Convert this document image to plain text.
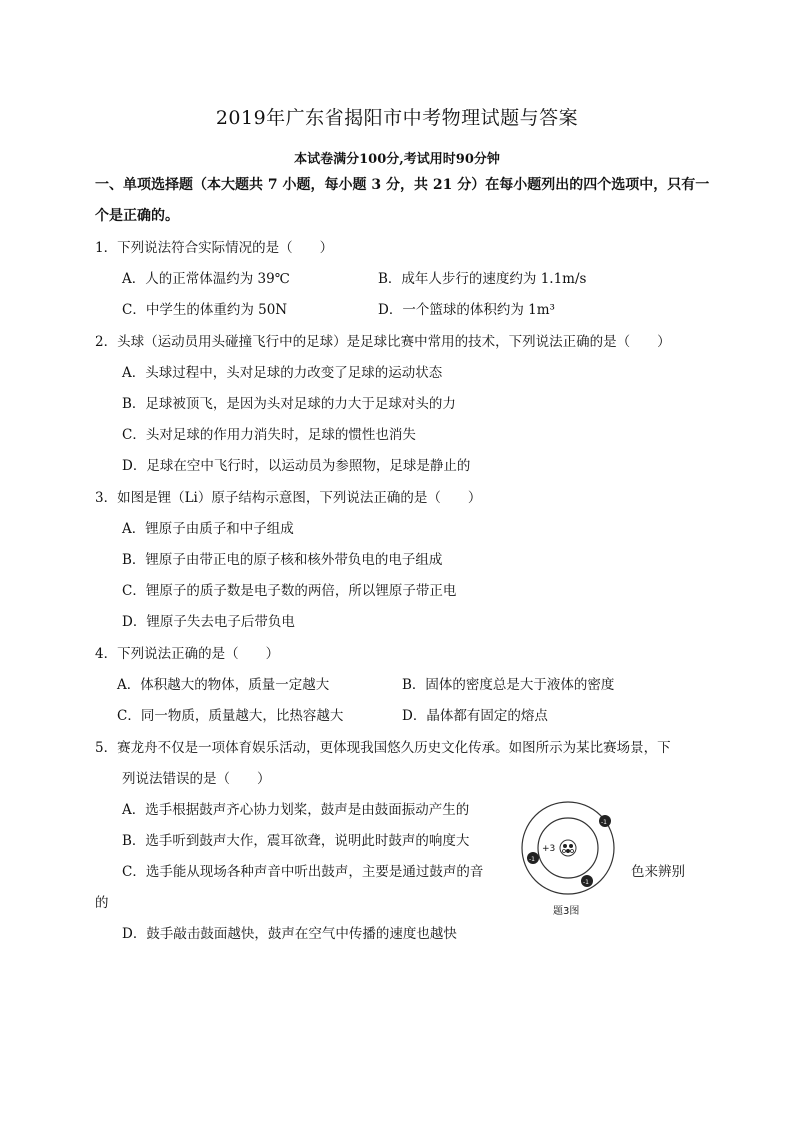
2019年广东省揭阳市中考物理试题与答案
本试卷满分100分,考试用时90分钟
一、单项选择题（本大题共 7 小题，每小题 3 分，共 21 分）在每小题列出的四个选项中，只有一
个是正确的。
1．下列说法符合实际情况的是（　　）
A．人的正常体温约为 39℃	B．成年人步行的速度约为 1.1m/s
C．中学生的体重约为 50N	D．一个篮球的体积约为 1m³
2．头球（运动员用头碰撞飞行中的足球）是足球比赛中常用的技术，下列说法正确的是（　　）
A．头球过程中，头对足球的力改变了足球的运动状态
B．足球被顶飞，是因为头对足球的力大于足球对头的力
C．头对足球的作用力消失时，足球的惯性也消失
D．足球在空中飞行时，以运动员为参照物，足球是静止的
3．如图是锂（Li）原子结构示意图，下列说法正确的是（　　）
A．锂原子由质子和中子组成
B．锂原子由带正电的原子核和核外带负电的电子组成
C．锂原子的质子数是电子数的两倍，所以锂原子带正电
D．锂原子失去电子后带负电
4．下列说法正确的是（　　）
A．体积越大的物体，质量一定越大	B．固体的密度总是大于液体的密度
C．同一物质，质量越大，比热容越大	D．晶体都有固定的熔点
5．赛龙舟不仅是一项体育娱乐活动，更体现我国悠久历史文化传承。如图所示为某比赛场景，下
列说法错误的是（　　）
A．选手根据鼓声齐心协力划桨，鼓声是由鼓面振动产生的
B．选手听到鼓声大作，震耳欲聋，说明此时鼓声的响度大
C．选手能从现场各种声音中听出鼓声，主要是通过鼓声的音	色来辨别
的
D．鼓手敲击鼓面越快，鼓声在空气中传播的速度也越快
+3
-1
-1
-1
题3图
